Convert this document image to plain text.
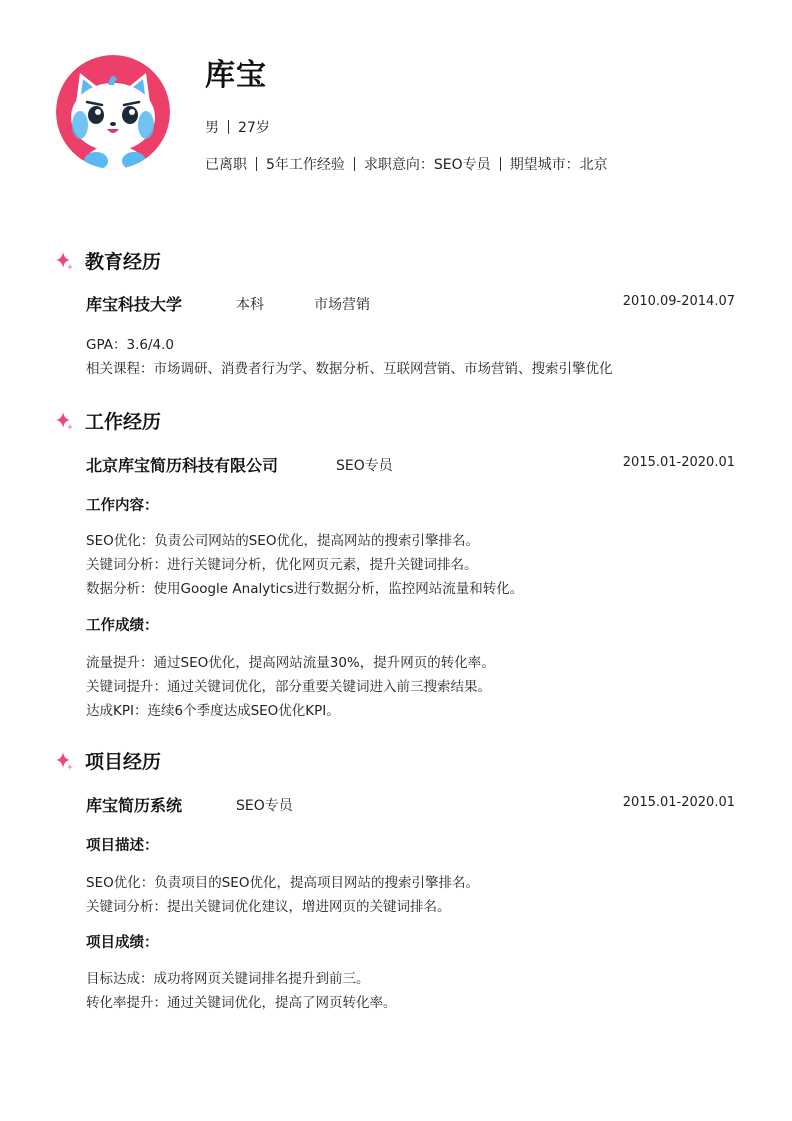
库宝
男 27岁
已离职 5年工作经验 求职意向：SEO专员 期望城市：北京
教育经历
库宝科技大学	本科	市场营销	2010.09-2014.07
GPA：3.6/4.0
相关课程：市场调研、消费者行为学、数据分析、互联网营销、市场营销、搜索引擎优化
工作经历
北京库宝简历科技有限公司	SEO专员	2015.01-2020.01
工作内容：
SEO优化：负责公司网站的SEO优化，提高网站的搜索引擎排名。
关键词分析：进行关键词分析，优化网页元素，提升关键词排名。
数据分析：使用Google Analytics进行数据分析，监控网站流量和转化。
工作成绩：
流量提升：通过SEO优化，提高网站流量30%，提升网页的转化率。
关键词提升：通过关键词优化，部分重要关键词进入前三搜索结果。
达成KPI：连续6个季度达成SEO优化KPI。
项目经历
库宝简历系统	SEO专员	2015.01-2020.01
项目描述：
SEO优化：负责项目的SEO优化，提高项目网站的搜索引擎排名。
关键词分析：提出关键词优化建议，增进网页的关键词排名。
项目成绩：
目标达成：成功将网页关键词排名提升到前三。
转化率提升：通过关键词优化，提高了网页转化率。
